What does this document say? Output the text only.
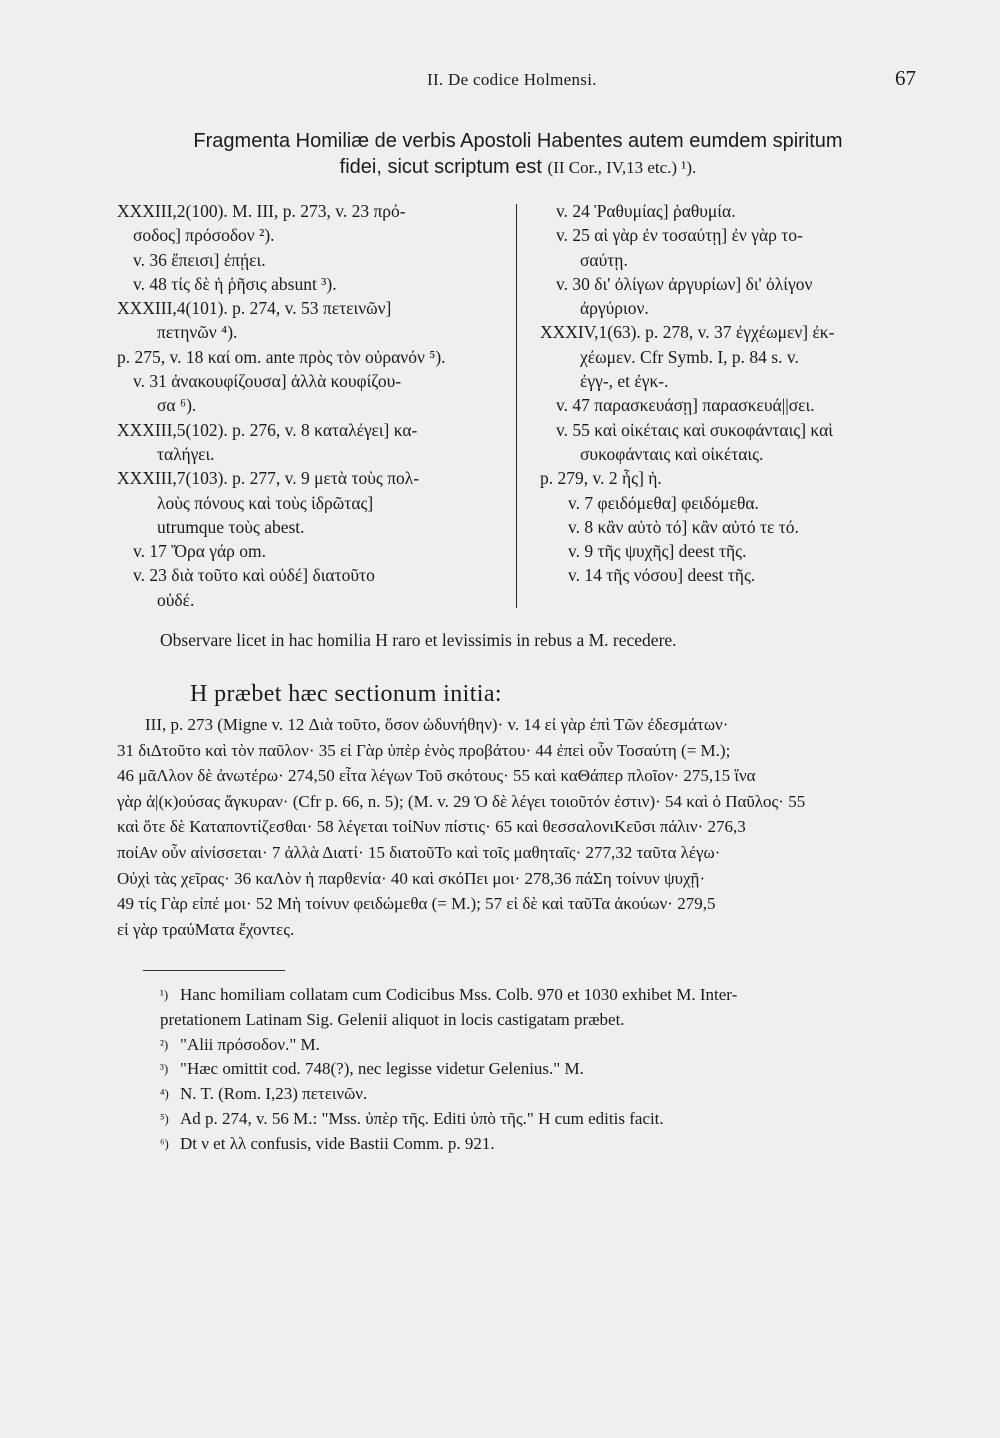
II. De codice Holmensi.	67
Fragmenta Homiliæ de verbis Apostoli Habentes autem eumdem spiritum
fidei, sicut scriptum est (II Cor., IV,13 etc.) ¹).
XXXIII,2(100). M. III, p. 273, v. 23 πρό-
σοδος] πρόσοδον ²).
v. 36 ἔπεισι] ἐπῄει.
v. 48 τίς δὲ ἡ ῥῆσις absunt ³).
XXXIII,4(101). p. 274, v. 53 πετεινῶν]
πετηνῶν ⁴).
p. 275, v. 18 καί om. ante πρὸς τὸν οὐρανόν ⁵).
v. 31 ἀνακουφίζουσα] ἀλλὰ κουφίζου-
σα ⁶).
XXXIII,5(102). p. 276, v. 8 καταλέγει] κα-
ταλήγει.
XXXIII,7(103). p. 277, v. 9 μετὰ τοὺς πολ-
λοὺς πόνους καὶ τοὺς ἱδρῶτας]
utrumque τοὺς abest.
v. 17 Ὅρα γάρ om.
v. 23 διὰ τοῦτο καὶ οὐδέ] διατοῦτο
οὐδέ.
v. 24 Ῥαθυμίας] ῥαθυμία.
v. 25 αἱ γὰρ ἐν τοσαύτῃ] ἐν γὰρ το-
σαύτῃ.
v. 30 δι' ὀλίγων ἀργυρίων] δι' ὀλίγον
ἀργύριον.
XXXIV,1(63). p. 278, v. 37 ἐγχέωμεν] ἐκ-
χέωμεν. Cfr Symb. I, p. 84 s. v.
ἐγγ-, et ἐγκ-.
v. 47 παρασκευάσῃ] παρασκευά||σει.
v. 55 καὶ οἰκέταις καὶ συκοφάνταις] καὶ
συκοφάνταις καὶ οἰκέταις.
p. 279, v. 2 ἧς] ἡ.
v. 7 φειδόμεθα] φειδόμεθα.
v. 8 κἂν αὐτὸ τό] κἂν αὐτό τε τό.
v. 9 τῆς ψυχῆς] deest τῆς.
v. 14 τῆς νόσου] deest τῆς.
Observare licet in hac homilia H raro et levissimis in rebus a M. recedere.
H præbet hæc sectionum initia:
III, p. 273 (Migne v. 12 Διὰ τοῦτο, ὅσον ὠδυνήθην)· v. 14 εἰ γὰρ ἐπὶ Τῶν ἐδεσμάτων·
31 διΔτοῦτο καὶ τὸν παῦλον· 35 εἰ Γὰρ ὑπὲρ ἑνὸς προβάτου· 44 ἐπεὶ οὖν Τοσαύτη (= M.);
46 μᾶΛλον δὲ ἀνωτέρω· 274,50 εἶτα λέγων Τοῦ σκότους· 55 καὶ καΘάπερ πλοῖον· 275,15 ἵνα
γὰρ ἀ|(κ)ούσας ἄγκυραν· (Cfr p. 66, n. 5); (M. v. 29 Ὁ δὲ λέγει τοιοῦτόν ἐστιν)· 54 καὶ ὁ Παῦλος· 55
καὶ ὅτε δὲ Καταποντίζεσθαι· 58 λέγεται τοίΝυν πίστις· 65 καὶ θεσσαλονιΚεῦσι πάλιν· 276,3
ποίΑν οὖν αἰνίσσεται· 7 ἀλλὰ Διατί· 15 διατοῦΤο καὶ τοῖς μαθηταῖς· 277,32 ταῦτα λέγω·
Οὐχὶ τὰς χεῖρας· 36 καΛὸν ἡ παρθενία· 40 καὶ σκόΠει μοι· 278,36 πάΣη τοίνυν ψυχῇ·
49 τίς Γὰρ εἰπέ μοι· 52 Μὴ τοίνυν φειδώμεθα (= M.); 57 εἰ δὲ καὶ ταῦΤα ἀκούων· 279,5
εἰ γὰρ τραύΜατα ἔχοντες.
¹) Hanc homiliam collatam cum Codicibus Mss. Colb. 970 et 1030 exhibet M. Inter-
pretationem Latinam Sig. Gelenii aliquot in locis castigatam præbet.
²) "Alii πρόσοδον." M.
³) "Hæc omittit cod. 748(?), nec legisse videtur Gelenius." M.
⁴) N. T. (Rom. I,23) πετεινῶν.
⁵) Ad p. 274, v. 56 M.: "Mss. ὑπὲρ τῆς. Editi ὑπὸ τῆς." H cum editis facit.
⁶) Dt ν et λλ confusis, vide Bastii Comm. p. 921.
